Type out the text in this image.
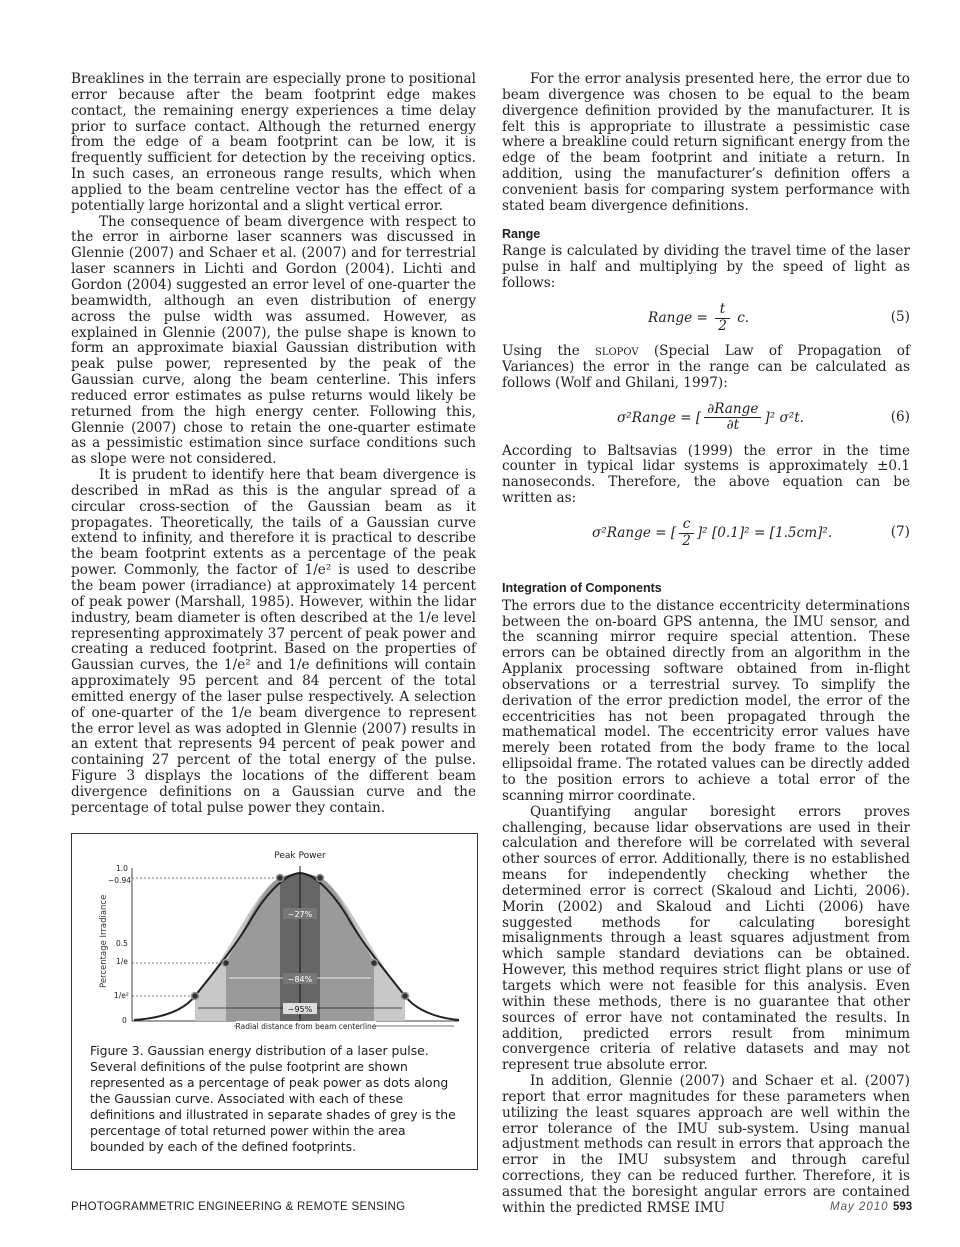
Breaklines in the terrain are especially prone to positional error because after the beam footprint edge makes contact, the remaining energy experiences a time delay prior to surface contact. Although the returned energy from the edge of a beam footprint can be low, it is frequently sufficient for detection by the receiving optics. In such cases, an erroneous range results, which when applied to the beam centreline vector has the effect of a potentially large horizontal and a slight vertical error.

The consequence of beam divergence with respect to the error in airborne laser scanners was discussed in Glennie (2007) and Schaer et al. (2007) and for terrestrial laser scanners in Lichti and Gordon (2004). Lichti and Gordon (2004) suggested an error level of one-quarter the beamwidth, although an even distribution of energy across the pulse width was assumed. However, as explained in Glennie (2007), the pulse shape is known to form an approximate biaxial Gaussian distribution with peak pulse power, represented by the peak of the Gaussian curve, along the beam centerline. This infers reduced error estimates as pulse returns would likely be returned from the high energy center. Following this, Glennie (2007) chose to retain the one-quarter estimate as a pessimistic estimation since surface conditions such as slope were not considered.

It is prudent to identify here that beam divergence is described in mRad as this is the angular spread of a circular cross-section of the Gaussian beam as it propagates. Theoretically, the tails of a Gaussian curve extend to infinity, and therefore it is practical to describe the beam footprint extents as a percentage of the peak power. Commonly, the factor of 1/e² is used to describe the beam power (irradiance) at approximately 14 percent of peak power (Marshall, 1985). However, within the lidar industry, beam diameter is often described at the 1/e level representing approximately 37 percent of peak power and creating a reduced footprint. Based on the properties of Gaussian curves, the 1/e² and 1/e definitions will contain approximately 95 percent and 84 percent of the total emitted energy of the laser pulse respectively. A selection of one-quarter of the 1/e beam divergence to represent the error level as was adopted in Glennie (2007) results in an extent that represents 94 percent of peak power and containing 27 percent of the total energy of the pulse. Figure 3 displays the locations of the different beam divergence definitions on a Gaussian curve and the percentage of total pulse power they contain.

Peak Power
Percentage Irradiance
1.0
~0.94
0.5
1/e
1/e²
0
~27%
~84%
~95%
Radial distance from beam centerline
Figure 3. Gaussian energy distribution of a laser pulse. Several definitions of the pulse footprint are shown represented as a percentage of peak power as dots along the Gaussian curve. Associated with each of these definitions and illustrated in separate shades of grey is the percentage of total returned power within the area bounded by each of the defined footprints.

For the error analysis presented here, the error due to beam divergence was chosen to be equal to the beam divergence definition provided by the manufacturer. It is felt this is appropriate to illustrate a pessimistic case where a breakline could return significant energy from the edge of the beam footprint and initiate a return. In addition, using the manufacturer’s definition offers a convenient basis for comparing system performance with stated beam divergence definitions.

Range

Range is calculated by dividing the travel time of the laser pulse in half and multiplying by the speed of light as follows:

Range = $\frac{t}{2} c$.	(5)

Using the slopov (Special Law of Propagation of Variances) the error in the range can be calculated as follows (Wolf and Ghilani, 1997):

σ²Range = [ $\frac{\text{∂Range}}{\partial t} ]^2$ σ²t.	(6)

According to Baltsavias (1999) the error in the time counter in typical lidar systems is approximately ±0.1 nanoseconds. Therefore, the above equation can be written as:

σ²Range = [ $\frac{c}{2} ]^2$ [0.1]² = [1.5cm]².	(7)
Integration of Components

The errors due to the distance eccentricity determinations between the on-board GPS antenna, the IMU sensor, and the scanning mirror require special attention. These errors can be obtained directly from an algorithm in the Applanix processing software obtained from in-flight observations or a terrestrial survey. To simplify the derivation of the error prediction model, the error of the eccentricities has not been propagated through the mathematical model. The eccentricity error values have merely been rotated from the body frame to the local ellipsoidal frame. The rotated values can be directly added to the position errors to achieve a total error of the scanning mirror coordinate.

Quantifying angular boresight errors proves challenging, because lidar observations are used in their calculation and therefore will be correlated with several other sources of error. Additionally, there is no established means for independently checking whether the determined error is correct (Skaloud and Lichti, 2006). Morin (2002) and Skaloud and Lichti (2006) have suggested methods for calculating boresight misalignments through a least squares adjustment from which sample standard deviations can be obtained. However, this method requires strict flight plans or use of targets which were not feasible for this analysis. Even within these methods, there is no guarantee that other sources of error have not contaminated the results. In addition, predicted errors result from minimum convergence criteria of relative datasets and may not represent true absolute error.

In addition, Glennie (2007) and Schaer et al. (2007) report that error magnitudes for these parameters when utilizing the least squares approach are well within the error tolerance of the IMU sub-system. Using manual adjustment methods can result in errors that approach the error in the IMU subsystem and through careful corrections, they can be reduced further. Therefore, it is assumed that the boresight angular errors are contained within the predicted RMSE IMU

PHOTOGRAMMETRIC ENGINEERING & REMOTE SENSING	May 2010 593
